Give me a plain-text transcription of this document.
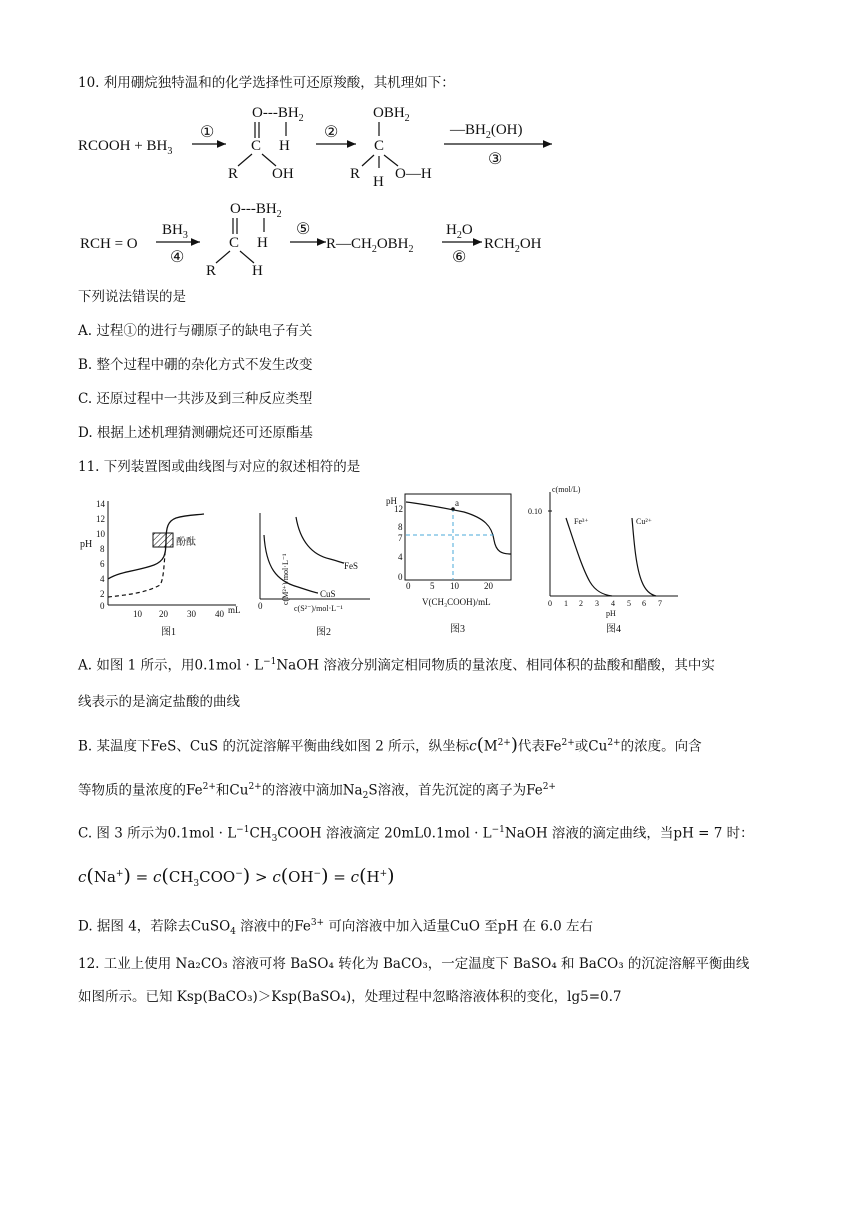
10. 利用硼烷独特温和的化学选择性可还原羧酸，其机理如下：
RCOOH + $BH_3$
①
$O---BH_2$
C H
R OH
②
$OBH_2$
C
R H O—H
$—BH_2(OH)$
③
RCH = O
$BH_3$
④
$O---BH_2$
C H
R H
⑤
$R—CH_2OBH_2$
$H_2O$
⑥
$RCH_2OH$
下列说法错误的是
A. 过程①的进行与硼原子的缺电子有关
B. 整个过程中硼的杂化方式不发生改变
C. 还原过程中一共涉及到三种反应类型
D. 根据上述机理猜测硼烷还可还原酯基
11. 下列装置图或曲线图与对应的叙述相符的是
14
12
10
8
6
4
2
0
pH
10 20 30 40 mL
酚酞
图1
c(M²⁺)/mol·L⁻¹	FeS
CuS
0	c(S²⁻)/mol·L⁻¹
图2
pH
12
8
7
4
0
0 5 10	20
a
V(CH₃COOH)/mL
图3
c(mol/L)
0.10
Fe³⁺	Cu²⁺
0 1 2 3 4 5 6 7
pH
图4
A. 如图 1 所示，用$0.1mol \cdot L^{-1}NaOH$ 溶液分别滴定相同物质的量浓度、相同体积的盐酸和醋酸，其中实
线表示的是滴定盐酸的曲线
B. 某温度下FeS、CuS 的沉淀溶解平衡曲线如图 2 所示，纵坐标$c(M^{2+})$代表$Fe^{2+}$或$Cu^{2+}$的浓度。向含
等物质的量浓度的$Fe^{2+}$和$Cu^{2+}$的溶液中滴加$Na_2S$溶液，首先沉淀的离子为$Fe^{2+}$
C. 图 3 所示为$0.1mol \cdot L^{-1}CH_3COOH$ 溶液滴定 $20mL0.1mol \cdot L^{-1}NaOH$ 溶液的滴定曲线，当pH = 7 时：
$c(Na^+) = c(CH_3COO^-) > c(OH^-) = c(H^+)$
D. 据图 4，若除去CuSO$_4$ 溶液中的$Fe^{3+}$ 可向溶液中加入适量CuO 至pH 在 6.0 左右
12. 工业上使用 Na₂CO₃ 溶液可将 BaSO₄ 转化为 BaCO₃，一定温度下 BaSO₄ 和 BaCO₃ 的沉淀溶解平衡曲线
如图所示。已知 Ksp(BaCO₃)＞Ksp(BaSO₄)，处理过程中忽略溶液体积的变化，lg5=0.7
